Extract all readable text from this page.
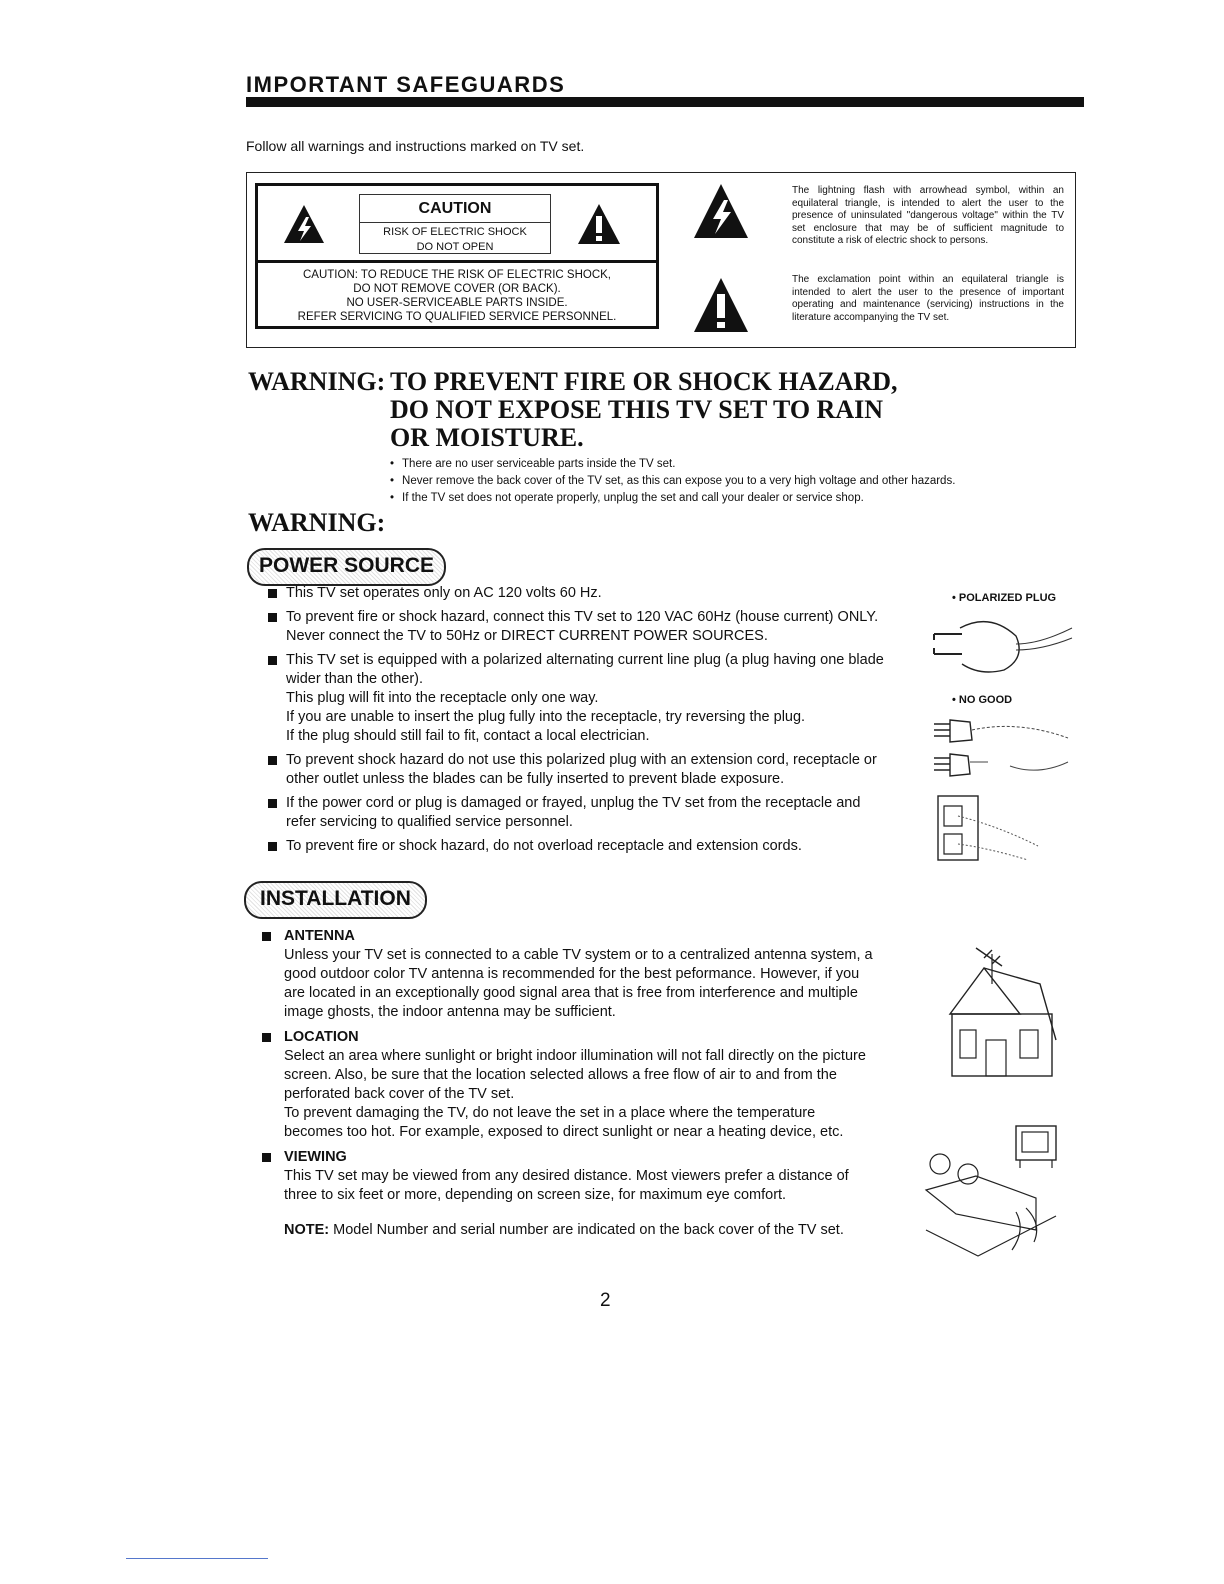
IMPORTANT SAFEGUARDS
Follow all warnings and instructions marked on TV set.
CAUTION
RISK OF ELECTRIC SHOCK
DO NOT OPEN
CAUTION: TO REDUCE THE RISK OF ELECTRIC SHOCK,
DO NOT REMOVE COVER (OR BACK).
NO USER-SERVICEABLE PARTS INSIDE.
REFER SERVICING TO QUALIFIED SERVICE PERSONNEL.
The lightning flash with arrowhead symbol, within an equilateral triangle, is intended to alert the user to the presence of uninsulated "dangerous voltage" within the TV set enclosure that may be of sufficient magnitude to constitute a risk of electric shock to persons.
The exclamation point within an equilateral triangle is intended to alert the user to the presence of important operating and maintenance (servicing) instructions in the literature accompanying the TV set.
WARNING: TO PREVENT FIRE OR SHOCK HAZARD,
DO NOT EXPOSE THIS TV SET TO RAIN
OR MOISTURE.
• There are no user serviceable parts inside the TV set.
• Never remove the back cover of the TV set, as this can expose you to a very high voltage and other hazards.
• If the TV set does not operate properly, unplug the set and call your dealer or service shop.
WARNING:
POWER SOURCE
This TV set operates only on AC 120 volts 60 Hz.
To prevent fire or shock hazard, connect this TV set to 120 VAC 60Hz (house current) ONLY. Never connect the TV to 50Hz or DIRECT CURRENT POWER SOURCES.
This TV set is equipped with a polarized alternating current line plug (a plug having one blade wider than the other).
This plug will fit into the receptacle only one way.
If you are unable to insert the plug fully into the receptacle, try reversing the plug.
If the plug should still fail to fit, contact a local electrician.
To prevent shock hazard do not use this polarized plug with an extension cord, receptacle or other outlet unless the blades can be fully inserted to prevent blade exposure.
If the power cord or plug is damaged or frayed, unplug the TV set from the receptacle and refer servicing to qualified service personnel.
To prevent fire or shock hazard, do not overload receptacle and extension cords.
• POLARIZED PLUG
• NO GOOD
INSTALLATION
ANTENNA
Unless your TV set is connected to a cable TV system or to a centralized antenna system, a good outdoor color TV antenna is recommended for the best peformance. However, if you are located in an exceptionally good signal area that is free from interference and multiple image ghosts, the indoor antenna may be sufficient.
LOCATION
Select an area where sunlight or bright indoor illumination will not fall directly on the picture screen. Also, be sure that the location selected allows a free flow of air to and from the perforated back cover of the TV set.
To prevent damaging the TV, do not leave the set in a place where the temperature becomes too hot. For example, exposed to direct sunlight or near a heating device, etc.
VIEWING
This TV set may be viewed from any desired distance. Most viewers prefer a distance of three to six feet or more, depending on screen size, for maximum eye comfort.
NOTE: Model Number and serial number are indicated on the back cover of the TV set.
2
